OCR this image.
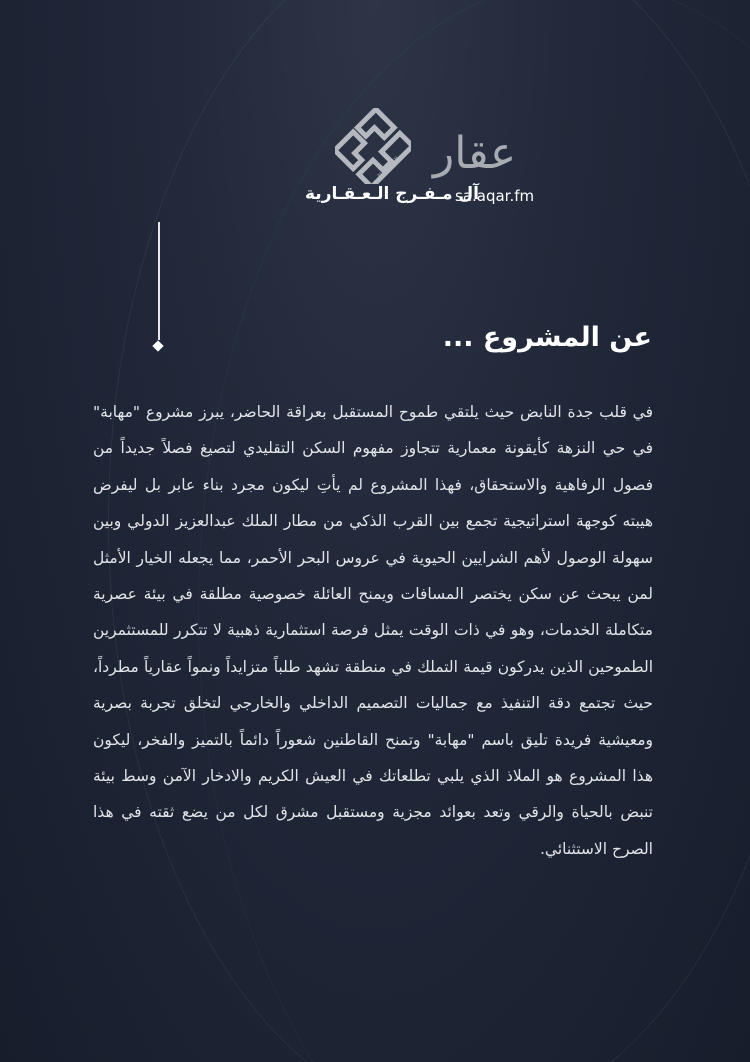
ALMOFREH عقار
آل مـفـرج الـعـقـارية
sa.aqar.fm
عن المشروع ...

في قلب جدة النابض حيث يلتقي طموح المستقبل بعراقة الحاضر، يبرز مشروع "مهابة" في حي النزهة كأيقونة معمارية تتجاوز مفهوم السكن التقليدي لتصيغ فصلاً جديداً من فصول الرفاهية والاستحقاق، فهذا المشروع لم يأتِ ليكون مجرد بناء عابر بل ليفرض هيبته كوجهة استراتيجية تجمع بين القرب الذكي من مطار الملك عبدالعزيز الدولي وبين سهولة الوصول لأهم الشرايين الحيوية في عروس البحر الأحمر، مما يجعله الخيار الأمثل لمن يبحث عن سكن يختصر المسافات ويمنح العائلة خصوصية مطلقة في بيئة عصرية متكاملة الخدمات، وهو في ذات الوقت يمثل فرصة استثمارية ذهبية لا تتكرر للمستثمرين الطموحين الذين يدركون قيمة التملك في منطقة تشهد طلباً متزايداً ونمواً عقارياً مطرداً، حيث تجتمع دقة التنفيذ مع جماليات التصميم الداخلي والخارجي لتخلق تجربة بصرية ومعيشية فريدة تليق باسم "مهابة" وتمنح القاطنين شعوراً دائماً بالتميز والفخر، ليكون هذا المشروع هو الملاذ الذي يلبي تطلعاتك في العيش الكريم والادخار الآمن وسط بيئة تنبض بالحياة والرقي وتعد بعوائد مجزية ومستقبل مشرق لكل من يضع ثقته في هذا الصرح الاستثنائي.
